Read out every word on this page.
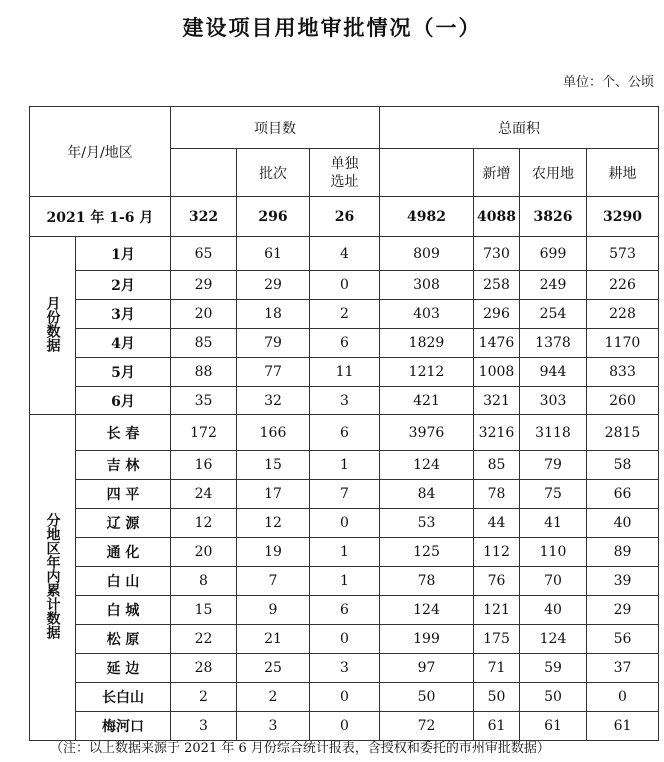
建设项目用地审批情况（一）
单位：个、公顷
年/月/地区		项目数			总面积			
			批次	单独选址		新增	农用地	耕地
2021 年 1-6 月		322	296	26	4982	4088	3826	3290
月份数据	1月	65	61	4	809	730	699	573
	2月	29	29	0	308	258	249	226
	3月	20	18	2	403	296	254	228
	4月	85	79	6	1829	1476	1378	1170
	5月	88	77	11	1212	1008	944	833
	6月	35	32	3	421	321	303	260
分地区年内累计数据	长 春	172	166	6	3976	3216	3118	2815
	吉 林	16	15	1	124	85	79	58
	四 平	24	17	7	84	78	75	66
	辽 源	12	12	0	53	44	41	40
	通 化	20	19	1	125	112	110	89
	白 山	8	7	1	78	76	70	39
	白 城	15	9	6	124	121	40	29
	松 原	22	21	0	199	175	124	56
	延 边	28	25	3	97	71	59	37
	长白山	2	2	0	50	50	50	0
	梅河口	3	3	0	72	61	61	61
（注：以上数据来源于 2021 年 6 月份综合统计报表，含授权和委托的市州审批数据）
